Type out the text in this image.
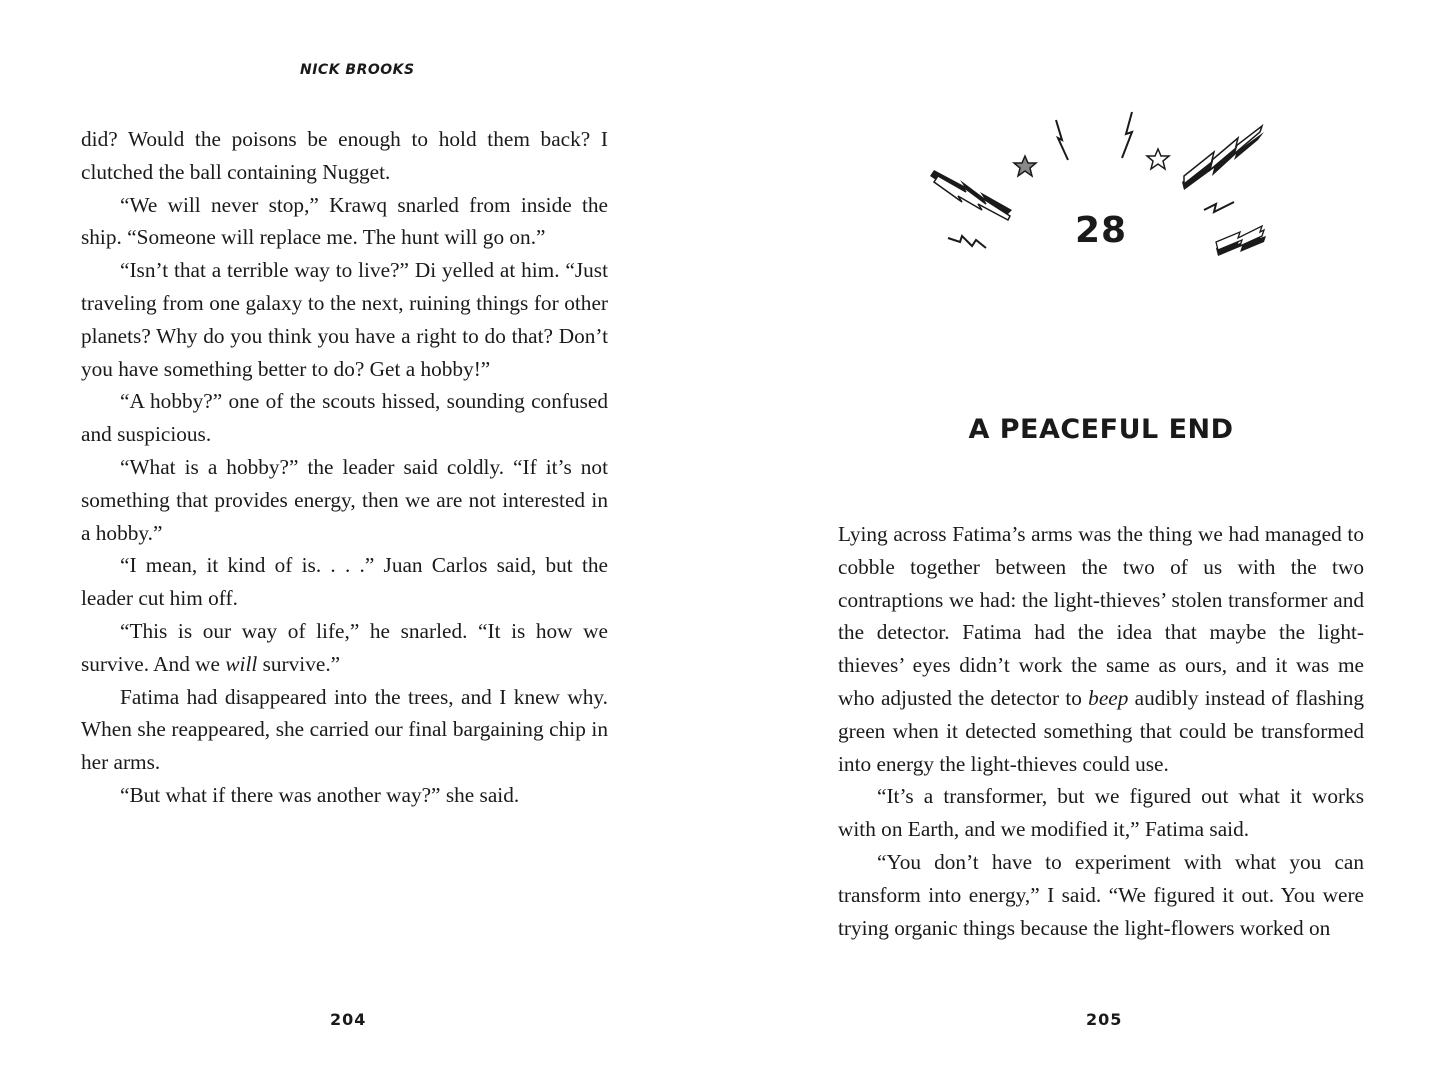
NICK BROOKS

did? Would the poisons be enough to hold them back? I clutched the ball containing Nugget.

“We will never stop,” Krawq snarled from inside the ship. “Someone will replace me. The hunt will go on.”

“Isn’t that a terrible way to live?” Di yelled at him. “Just traveling from one galaxy to the next, ruining things for other planets? Why do you think you have a right to do that? Don’t you have something better to do? Get a hobby!”

“A hobby?” one of the scouts hissed, sounding confused and suspicious.

“What is a hobby?” the leader said coldly. “If it’s not something that provides energy, then we are not interested in a hobby.”

“I mean, it kind of is. . . .” Juan Carlos said, but the leader cut him off.

“This is our way of life,” he snarled. “It is how we survive. And we will survive.”

Fatima had disappeared into the trees, and I knew why. When she reappeared, she carried our final bargaining chip in her arms.

“But what if there was another way?” she said.

204
28
A PEACEFUL END

Lying across Fatima’s arms was the thing we had managed to cobble together between the two of us with the two contraptions we had: the light-thieves’ stolen transformer and the detector. Fatima had the idea that maybe the light-thieves’ eyes didn’t work the same as ours, and it was me who adjusted the detector to beep audibly instead of flashing green when it detected something that could be transformed into energy the light-thieves could use.

“It’s a transformer, but we figured out what it works with on Earth, and we modified it,” Fatima said.

“You don’t have to experiment with what you can transform into energy,” I said. “We figured it out. You were trying organic things because the light-flowers worked on

205
